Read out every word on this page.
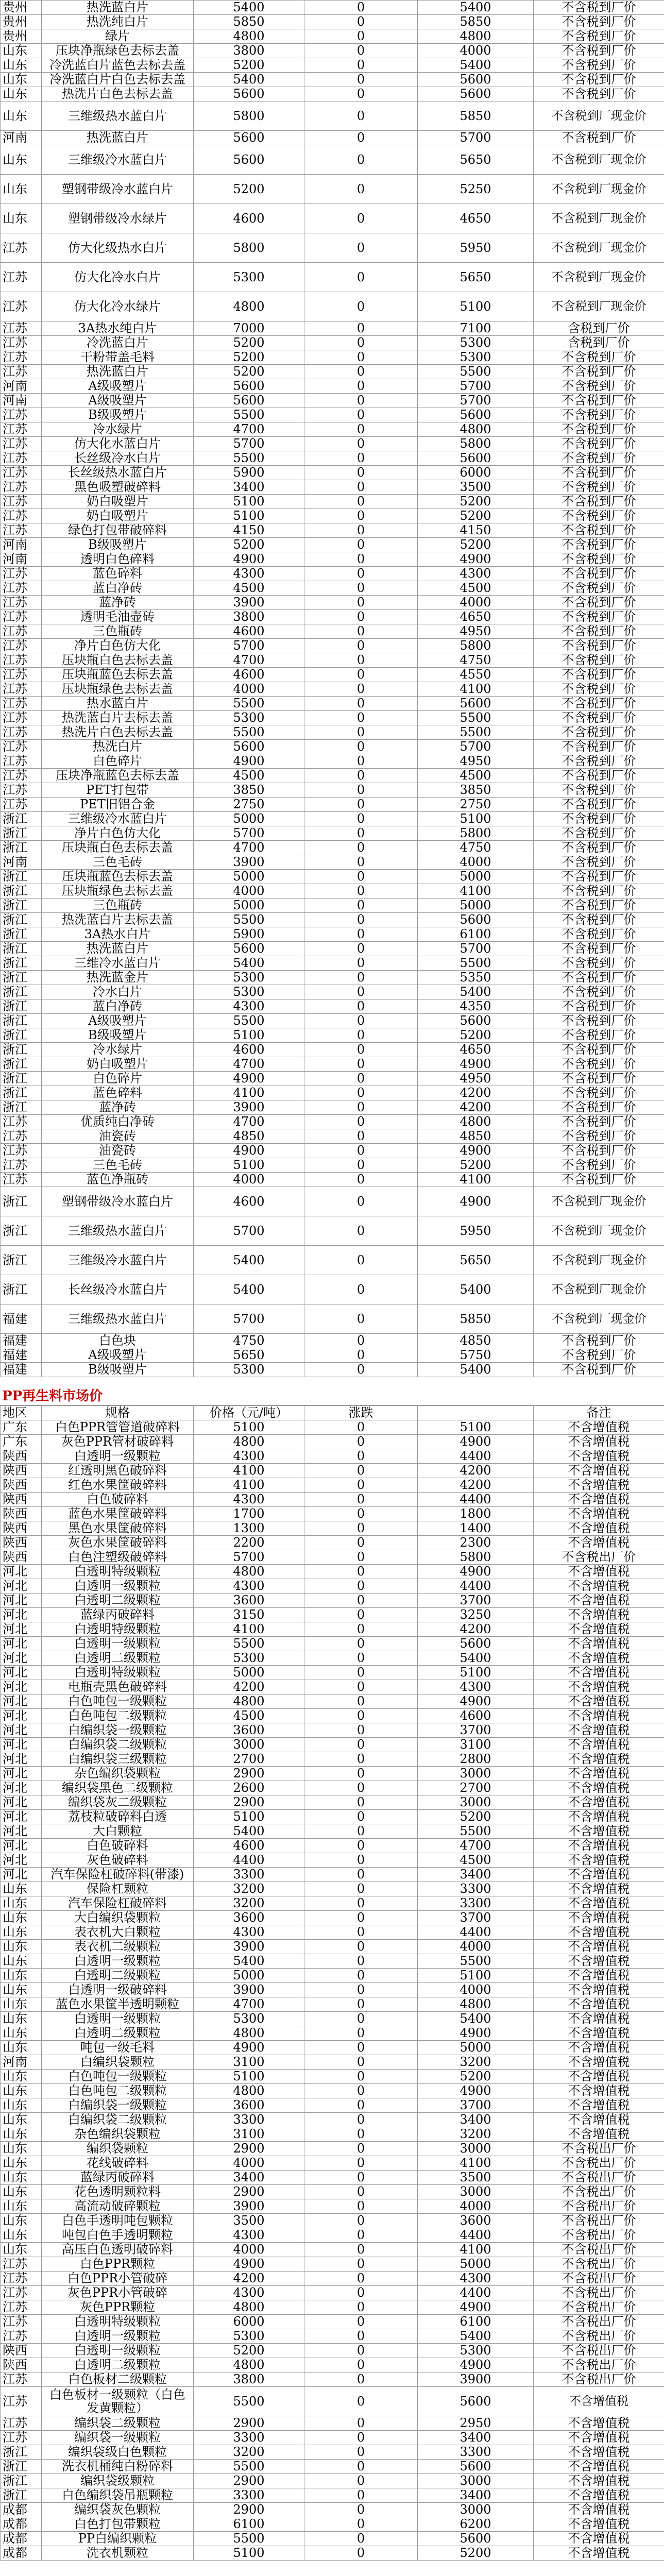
贵州	热洗蓝白片	5400	0	5400	不含税到厂价
贵州	热洗纯白片	5850	0	5850	不含税到厂价
贵州	绿片	4800	0	4800	不含税到厂价
山东	压块净瓶绿色去标去盖	3800	0	4000	不含税到厂价
山东	冷洗蓝白片蓝色去标去盖	5200	0	5400	不含税到厂价
山东	冷洗蓝白片白色去标去盖	5400	0	5600	不含税到厂价
山东	热洗片白色去标去盖	5600	0	5600	不含税到厂价
山东	三维级热水蓝白片	5800	0	5850	不含税到厂现金价
河南	热洗蓝白片	5600	0	5700	不含税到厂价
山东	三维级冷水蓝白片	5600	0	5650	不含税到厂现金价
山东	塑钢带级冷水蓝白片	5200	0	5250	不含税到厂现金价
山东	塑钢带级冷水绿片	4600	0	4650	不含税到厂现金价
江苏	仿大化级热水白片	5800	0	5950	不含税到厂现金价
江苏	仿大化冷水白片	5300	0	5650	不含税到厂现金价
江苏	仿大化冷水绿片	4800	0	5100	不含税到厂现金价
江苏	3A热水纯白片	7000	0	7100	含税到厂价
江苏	冷洗蓝白片	5200	0	5300	含税到厂价
江苏	干粉带盖毛料	5200	0	5300	不含税到厂价
江苏	热洗蓝白片	5200	0	5500	不含税到厂价
河南	A级吸塑片	5600	0	5700	不含税到厂价
河南	A级吸塑片	5600	0	5700	不含税到厂价
江苏	B级吸塑片	5500	0	5600	不含税到厂价
江苏	冷水绿片	4700	0	4800	不含税到厂价
江苏	仿大化水蓝白片	5700	0	5800	不含税到厂价
江苏	长丝级冷水白片	5500	0	5600	不含税到厂价
江苏	长丝级热水蓝白片	5900	0	6000	不含税到厂价
江苏	黑色吸塑破碎料	3400	0	3500	不含税到厂价
江苏	奶白吸塑片	5100	0	5200	不含税到厂价
江苏	奶白吸塑片	5100	0	5200	不含税到厂价
江苏	绿色打包带破碎料	4150	0	4150	不含税到厂价
河南	B级吸塑片	5200	0	5200	不含税到厂价
河南	透明白色碎料	4900	0	4900	不含税到厂价
江苏	蓝色碎料	4300	0	4300	不含税到厂价
江苏	蓝白净砖	4500	0	4500	不含税到厂价
江苏	蓝净砖	3900	0	4000	不含税到厂价
江苏	透明毛油壶砖	3800	0	4650	不含税到厂价
江苏	三色瓶砖	4600	0	4950	不含税到厂价
江苏	净片白色仿大化	5700	0	5800	不含税到厂价
江苏	压块瓶白色去标去盖	4700	0	4750	不含税到厂价
江苏	压块瓶蓝色去标去盖	4600	0	4550	不含税到厂价
江苏	压块瓶绿色去标去盖	4000	0	4100	不含税到厂价
江苏	热水蓝白片	5500	0	5600	不含税到厂价
江苏	热洗蓝白片去标去盖	5300	0	5500	不含税到厂价
江苏	热洗片白色去标去盖	5500	0	5500	不含税到厂价
江苏	热洗白片	5600	0	5700	不含税到厂价
江苏	白色碎片	4900	0	4950	不含税到厂价
江苏	压块净瓶蓝色去标去盖	4500	0	4500	不含税到厂价
江苏	PET打包带	3850	0	3850	不含税到厂价
江苏	PET旧铝合金	2750	0	2750	不含税到厂价
浙江	三维级冷水蓝白片	5000	0	5100	不含税到厂价
浙江	净片白色仿大化	5700	0	5800	不含税到厂价
浙江	压块瓶白色去标去盖	4700	0	4750	不含税到厂价
河南	三色毛砖	3900	0	4000	不含税到厂价
浙江	压块瓶蓝色去标去盖	5000	0	5000	不含税到厂价
浙江	压块瓶绿色去标去盖	4000	0	4100	不含税到厂价
浙江	三色瓶砖	5000	0	5000	不含税到厂价
浙江	热洗蓝白片去标去盖	5500	0	5600	不含税到厂价
浙江	3A热水白片	5900	0	6100	不含税到厂价
浙江	热洗蓝白片	5600	0	5700	不含税到厂价
浙江	三维冷水蓝白片	5400	0	5500	不含税到厂价
浙江	热洗蓝金片	5300	0	5350	不含税到厂价
浙江	冷水白片	5300	0	5400	不含税到厂价
浙江	蓝白净砖	4300	0	4350	不含税到厂价
浙江	A级吸塑片	5500	0	5600	不含税到厂价
浙江	B级吸塑片	5100	0	5200	不含税到厂价
浙江	冷水绿片	4600	0	4650	不含税到厂价
浙江	奶白吸塑片	4700	0	4900	不含税到厂价
浙江	白色碎片	4900	0	4950	不含税到厂价
浙江	蓝色碎料	4100	0	4200	不含税到厂价
浙江	蓝净砖	3900	0	4200	不含税到厂价
江苏	优质纯白净砖	4700	0	4800	不含税到厂价
江苏	油瓷砖	4850	0	4850	不含税到厂价
江苏	油瓷砖	4900	0	4900	不含税到厂价
江苏	三色毛砖	5100	0	5200	不含税到厂价
江苏	蓝色净瓶砖	4000	0	4100	不含税到厂价
浙江	塑钢带级冷水蓝白片	4600	0	4900	不含税到厂现金价
浙江	三维级热水蓝白片	5700	0	5950	不含税到厂现金价
浙江	三维级冷水蓝白片	5400	0	5650	不含税到厂现金价
浙江	长丝级冷水蓝白片	5400	0	5400	不含税到厂现金价
福建	三维级热水蓝白片	5700	0	5850	不含税到厂现金价
福建	白色块	4750	0	4850	不含税到厂价
福建	A级吸塑片	5650	0	5750	不含税到厂价
福建	B级吸塑片	5300	0	5400	不含税到厂价
PP再生料市场价
地区	规格	价格（元/吨）	涨跌		备注
广东	白色PPR管管道破碎料	5100	0	5100	不含增值税
广东	灰色PPR管材破碎料	4800	0	4900	不含增值税
陕西	白透明一级颗粒	4300	0	4400	不含增值税
陕西	红透明黑色破碎料	4100	0	4200	不含增值税
陕西	红色水果筐破碎料	4100	0	4200	不含增值税
陕西	白色破碎料	4300	0	4400	不含增值税
陕西	蓝色水果筐破碎料	1700	0	1800	不含增值税
陕西	黑色水果筐破碎料	1300	0	1400	不含增值税
陕西	灰色水果筐破碎料	2200	0	2300	不含增值税
陕西	白色注塑级破碎料	5700	0	5800	不含税出厂价
河北	白透明特级颗粒	4800	0	4900	不含增值税
河北	白透明一级颗粒	4300	0	4400	不含增值税
河北	白透明二级颗粒	3600	0	3700	不含增值税
河北	蓝绿丙破碎料	3150	0	3250	不含增值税
河北	白透明特级颗粒	4100	0	4200	不含增值税
河北	白透明一级颗粒	5500	0	5600	不含增值税
河北	白透明二级颗粒	5300	0	5400	不含增值税
河北	白透明特级颗粒	5000	0	5100	不含增值税
河北	电瓶壳黑色破碎料	4200	0	4300	不含增值税
河北	白色吨包一级颗粒	4800	0	4900	不含增值税
河北	白色吨包二级颗粒	4500	0	4600	不含增值税
河北	白编织袋一级颗粒	3600	0	3700	不含增值税
河北	白编织袋二级颗粒	3000	0	3100	不含增值税
河北	白编织袋三级颗粒	2700	0	2800	不含增值税
河北	杂色编织袋颗粒	2900	0	3000	不含增值税
河北	编织袋黑色二级颗粒	2600	0	2700	不含增值税
河北	编织袋灰二级颗粒	2900	0	3000	不含增值税
河北	荔枝粒破碎料白透	5100	0	5200	不含增值税
河北	大白颗粒	5400	0	5500	不含增值税
河北	白色破碎料	4600	0	4700	不含增值税
河北	灰色破碎料	4400	0	4500	不含增值税
河北	汽车保险杠破碎料(带漆)	3300	0	3400	不含增值税
山东	保险杠颗粒	3200	0	3300	不含增值税
山东	汽车保险杠破碎料	3200	0	3300	不含增值税
山东	大白编织袋颗粒	3600	0	3700	不含增值税
山东	表衣机大白颗粒	4300	0	4400	不含增值税
山东	表衣机二级颗粒	3900	0	4000	不含增值税
山东	白透明一级颗粒	5400	0	5500	不含增值税
山东	白透明二级颗粒	5000	0	5100	不含增值税
山东	白透明一级破碎料	3900	0	4000	不含增值税
山东	蓝色水果筐半透明颗粒	4700	0	4800	不含增值税
山东	白透明一级颗粒	5300	0	5400	不含增值税
山东	白透明二级颗粒	4800	0	4900	不含增值税
山东	吨包一级毛料	4900	0	5000	不含增值税
河南	白编织袋颗粒	3100	0	3200	不含增值税
山东	白色吨包一级颗粒	5100	0	5200	不含增值税
山东	白色吨包二级颗粒	4800	0	4900	不含增值税
山东	白编织袋一级颗粒	3600	0	3700	不含增值税
山东	白编织袋二级颗粒	3300	0	3400	不含增值税
山东	杂色编织袋颗粒	3100	0	3200	不含增值税
山东	编织袋颗粒	2900	0	3000	不含税出厂价
山东	花线破碎料	4000	0	4100	不含税出厂价
山东	蓝绿丙破碎料	3400	0	3500	不含税出厂价
山东	花色透明颗粒料	2900	0	3000	不含税出厂价
山东	高流动破碎颗粒	3900	0	4000	不含税出厂价
山东	白色手透明吨包颗粒	3500	0	3600	不含税出厂价
山东	吨包白色手透明颗粒	4300	0	4400	不含税出厂价
山东	高压白色透明破碎料	4000	0	4100	不含税出厂价
江苏	白色PPR颗粒	4900	0	5000	不含税出厂价
江苏	白色PPR小管破碎	4200	0	4300	不含税出厂价
江苏	灰色PPR小管破碎	4300	0	4400	不含税出厂价
江苏	灰色PPR颗粒	4800	0	4900	不含税出厂价
江苏	白透明特级颗粒	6000	0	6100	不含税出厂价
江苏	白透明一级颗粒	5300	0	5400	不含税出厂价
陕西	白透明一级颗粒	5200	0	5300	不含税出厂价
陕西	白透明二级颗粒	4800	0	4900	不含税出厂价
江苏	白色板材二级颗粒	3800	0	3900	不含税出厂价
江苏	白色板材一级颗粒（白色发黄颗粒）	5500	0	5600	不含增值税
江苏	编织袋二级颗粒	2900	0	2950	不含增值税
江苏	编织袋一级颗粒	3300	0	3400	不含增值税
浙江	编织袋级白色颗粒	3200	0	3300	不含增值税
浙江	洗衣机桶纯白粉碎料	5500	0	5600	不含增值税
浙江	编织袋级颗粒	2900	0	3000	不含增值税
浙江	白色编织袋吊瓶颗粒	3300	0	3400	不含增值税
成都	编织袋灰色颗粒	2900	0	3000	不含增值税
成都	白色打包带颗粒	6100	0	6200	不含增值税
成都	PP白编织颗粒	5500	0	5600	不含增值税
成都	洗衣机颗粒	5100	0	5200	不含增值税
